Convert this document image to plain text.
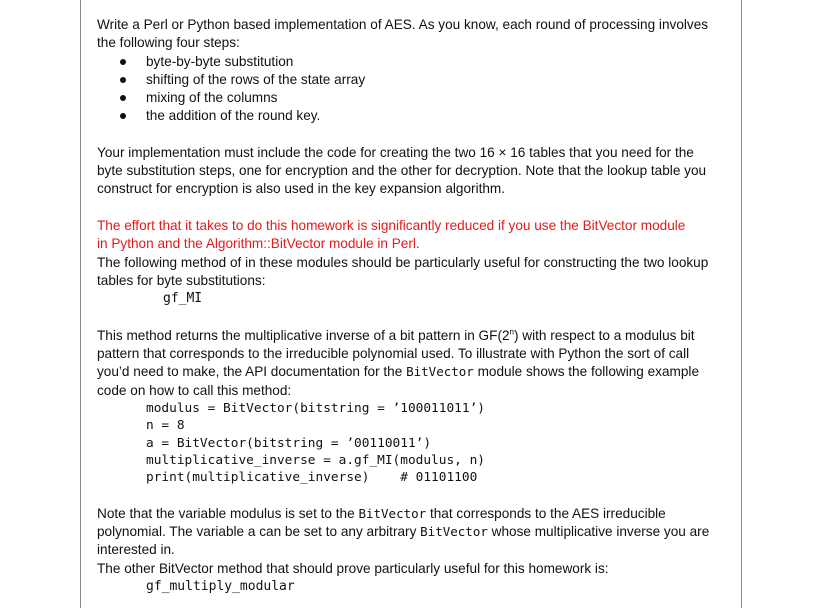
Write a Perl or Python based implementation of AES. As you know, each round of processing involves

the following four steps:

byte-by-byte substitution
shifting of the rows of the state array
mixing of the columns
the addition of the round key.

Your implementation must include the code for creating the two 16 × 16 tables that you need for the

byte substitution steps, one for encryption and the other for decryption. Note that the lookup table you

construct for encryption is also used in the key expansion algorithm.

The effort that it takes to do this homework is significantly reduced if you use the BitVector module

in Python and the Algorithm::BitVector module in Perl.

The following method of in these modules should be particularly useful for constructing the two lookup

tables for byte substitutions:

gf_MI

This method returns the multiplicative inverse of a bit pattern in GF(2$^n$) with respect to a modulus bit

pattern that corresponds to the irreducible polynomial used. To illustrate with Python the sort of call

you’d need to make, the API documentation for the BitVector module shows the following example

code on how to call this method:

modulus = BitVector(bitstring = ’100011011’)
n = 8
a = BitVector(bitstring = ’00110011’)
multiplicative_inverse = a.gf_MI(modulus, n)
print(multiplicative_inverse)    # 01101100

Note that the variable modulus is set to the BitVector that corresponds to the AES irreducible

polynomial. The variable a can be set to any arbitrary BitVector whose multiplicative inverse you are

interested in.

The other BitVector method that should prove particularly useful for this homework is:

gf_multiply_modular
